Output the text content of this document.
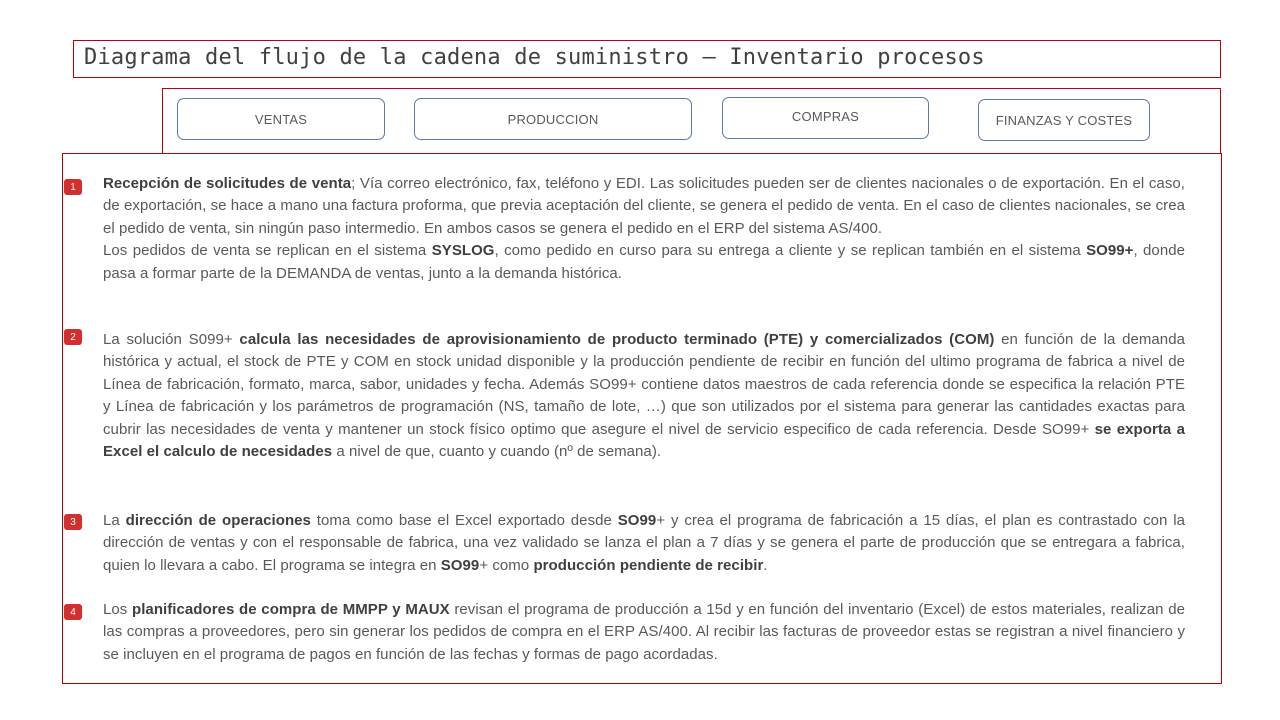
Diagrama del flujo de la cadena de suministro – Inventario procesos
VENTAS	PRODUCCION	COMPRAS	FINANZAS Y COSTES
1
2
3
4

Recepción de solicitudes de venta; Vía correo electrónico, fax, teléfono y EDI. Las solicitudes pueden ser de clientes nacionales o de exportación. En el caso, de exportación, se hace a mano una factura proforma, que previa aceptación del cliente, se genera el pedido de venta. En el caso de clientes nacionales, se crea el pedido de venta, sin ningún paso intermedio. En ambos casos se genera el pedido en el ERP del sistema AS/400.
Los pedidos de venta se replican en el sistema SYSLOG, como pedido en curso para su entrega a cliente y se replican también en el sistema SO99+, donde pasa a formar parte de la DEMANDA de ventas, junto a la demanda histórica.

La solución S099+ calcula las necesidades de aprovisionamiento de producto terminado (PTE) y comercializados (COM) en función de la demanda histórica y actual, el stock de PTE y COM en stock unidad disponible y la producción pendiente de recibir en función del ultimo programa de fabrica a nivel de Línea de fabricación, formato, marca, sabor, unidades y fecha. Además SO99+ contiene datos maestros de cada referencia donde se especifica la relación PTE y Línea de fabricación y los parámetros de programación (NS, tamaño de lote, …) que son utilizados por el sistema para generar las cantidades exactas para cubrir las necesidades de venta y mantener un stock físico optimo que asegure el nivel de servicio especifico de cada referencia. Desde SO99+ se exporta a Excel el calculo de necesidades a nivel de que, cuanto y cuando (nº de semana).

La dirección de operaciones toma como base el Excel exportado desde SO99+ y crea el programa de fabricación a 15 días, el plan es contrastado con la dirección de ventas y con el responsable de fabrica, una vez validado se lanza el plan a 7 días y se genera el parte de producción que se entregara a fabrica, quien lo llevara a cabo. El programa se integra en SO99+ como producción pendiente de recibir.

Los planificadores de compra de MMPP y MAUX revisan el programa de producción a 15d y en función del inventario (Excel) de estos materiales, realizan de las compras a proveedores, pero sin generar los pedidos de compra en el ERP AS/400. Al recibir las facturas de proveedor estas se registran a nivel financiero y se incluyen en el programa de pagos en función de las fechas y formas de pago acordadas.
